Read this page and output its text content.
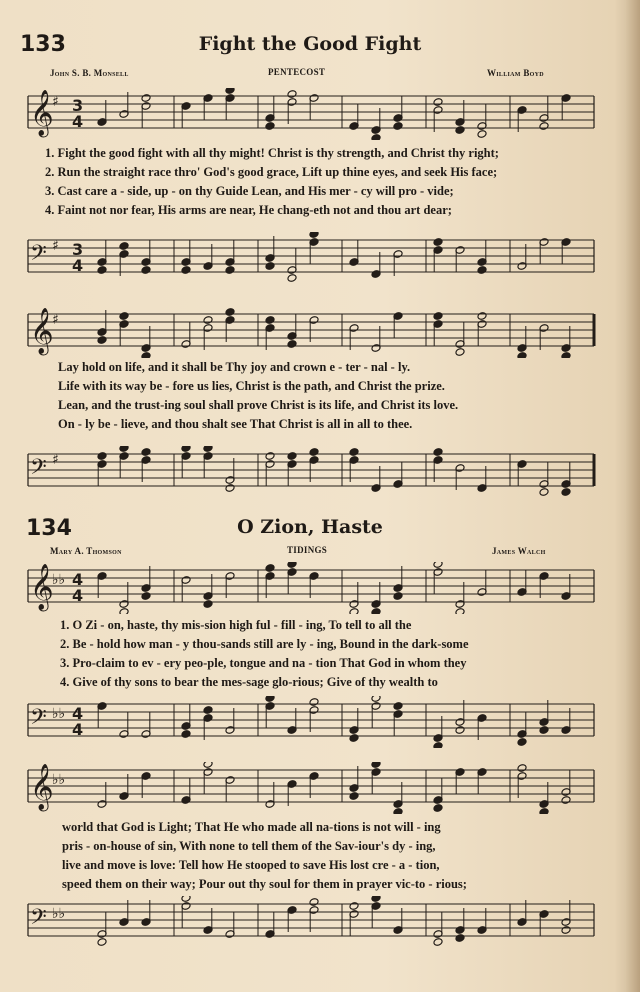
133	Fight the Good Fight
John S. B. Monsell	PENTECOST	William Boyd
𝄞
♯ 3
4
1. Fight the good fight with all thy might! Christ is thy strength, and Christ thy right;
2. Run the straight race thro' God's good grace, Lift up thine eyes, and seek His face;
3. Cast care a - side, up - on thy Guide Lean, and His mer - cy will pro - vide;
4. Faint not nor fear, His arms are near, He chang-eth not and thou art dear;
𝄢 ♯ 3
4
𝄞
♯
Lay hold on life, and it shall be Thy joy and crown e - ter - nal - ly.
Life with its way be - fore us lies, Christ is the path, and Christ the prize.
Lean, and the trust-ing soul shall prove Christ is its life, and Christ its love.
On - ly be - lieve, and thou shalt see That Christ is all in all to thee.
𝄢 ♯
134	O Zion, Haste
Mary A. Thomson	TIDINGS	James Walch
𝄞
♭♭ 4
4
1. O Zi - on, haste, thy mis-sion high ful - fill - ing, To tell to all the
2. Be - hold how man - y thou-sands still are ly - ing, Bound in the dark-some
3. Pro-claim to ev - ery peo-ple, tongue and na - tion That God in whom they
4. Give of thy sons to bear the mes-sage glo-rious; Give of thy wealth to
𝄢 ♭♭ 4
4
𝄞
♭♭
world that God is Light; That He who made all na-tions is not will - ing
pris - on-house of sin, With none to tell them of the Sav-iour's dy - ing,
live and move is love: Tell how He stooped to save His lost cre - a - tion,
speed them on their way; Pour out thy soul for them in prayer vic-to - rious;
𝄢 ♭♭
